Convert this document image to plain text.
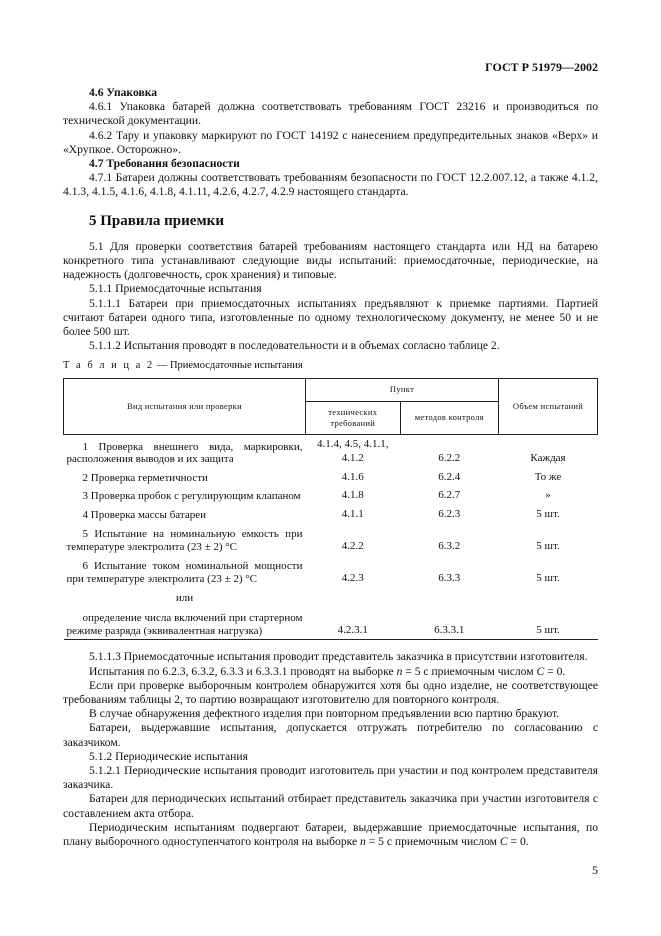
ГОСТ Р 51979—2002

4.6 Упаковка

4.6.1 Упаковка батарей должна соответствовать требованиям ГОСТ 23216 и производиться по технической документации.

4.6.2 Тару и упаковку маркируют по ГОСТ 14192 с нанесением предупредительных знаков «Верх» и «Хрупкое. Осторожно».

4.7 Требования безопасности

4.7.1 Батареи должны соответствовать требованиям безопасности по ГОСТ 12.2.007.12, а также 4.1.2, 4.1.3, 4.1.5, 4.1.6, 4.1.8, 4.1.11, 4.2.6, 4.2.7, 4.2.9 настоящего стандарта.

5 Правила приемки

5.1 Для проверки соответствия батарей требованиям настоящего стандарта или НД на батарею конкретного типа устанавливают следующие виды испытаний: приемосдаточные, периодические, на надежность (долговечность, срок хранения) и типовые.

5.1.1 Приемосдаточные испытания

5.1.1.1 Батареи при приемосдаточных испытаниях предъявляют к приемке партиями. Партией считают батареи одного типа, изготовленные по одному технологическому документу, не менее 50 и не более 500 шт.

5.1.1.2 Испытания проводят в последовательности и в объемах согласно таблице 2.

Т а б л и ц а 2 — Приемосдаточные испытания
Вид испытания или проверки	Пункт		Объем испытаний
	технических требований	методов контроля	
1 Проверка внешнего вида, маркировки, расположения выводов и их защита	4.1.4, 4.5, 4.1.1, 4.1.2	6.2.2	Каждая
2 Проверка герметичности	4.1.6	6.2.4	То же
3 Проверка пробок с регулирующим клапаном	4.1.8	6.2.7	»
4 Проверка массы батареи	4.1.1	6.2.3	5 шт.
5 Испытание на номинальную емкость при температуре электролита (23 ± 2) °С	4.2.2	6.3.2	5 шт.
6 Испытание током номинальной мощности при температуре электролита (23 ± 2) °С	4.2.3	6.3.3	5 шт.
или			
определение числа включений при стартерном режиме разряда (эквивалентная нагрузка)	4.2.3.1	6.3.3.1	5 шт.

5.1.1.3 Приемосдаточные испытания проводит представитель заказчика в присутствии изготовителя.

Испытания по 6.2.3, 6.3.2, 6.3.3 и 6.3.3.1 проводят на выборке n = 5 с приемочным числом C = 0.

Если при проверке выборочным контролем обнаружится хотя бы одно изделие, не соответствующее требованиям таблицы 2, то партию возвращают изготовителю для повторного контроля.

В случае обнаружения дефектного изделия при повторном предъявлении всю партию бракуют.

Батареи, выдержавшие испытания, допускается отгружать потребителю по согласованию с заказчиком.

5.1.2 Периодические испытания

5.1.2.1 Периодические испытания проводит изготовитель при участии и под контролем представителя заказчика.

Батареи для периодических испытаний отбирает представитель заказчика при участии изготовителя с составлением акта отбора.

Периодическим испытаниям подвергают батареи, выдержавшие приемосдаточные испытания, по плану выборочного одноступенчатого контроля на выборке n = 5 с приемочным числом C = 0.

5
